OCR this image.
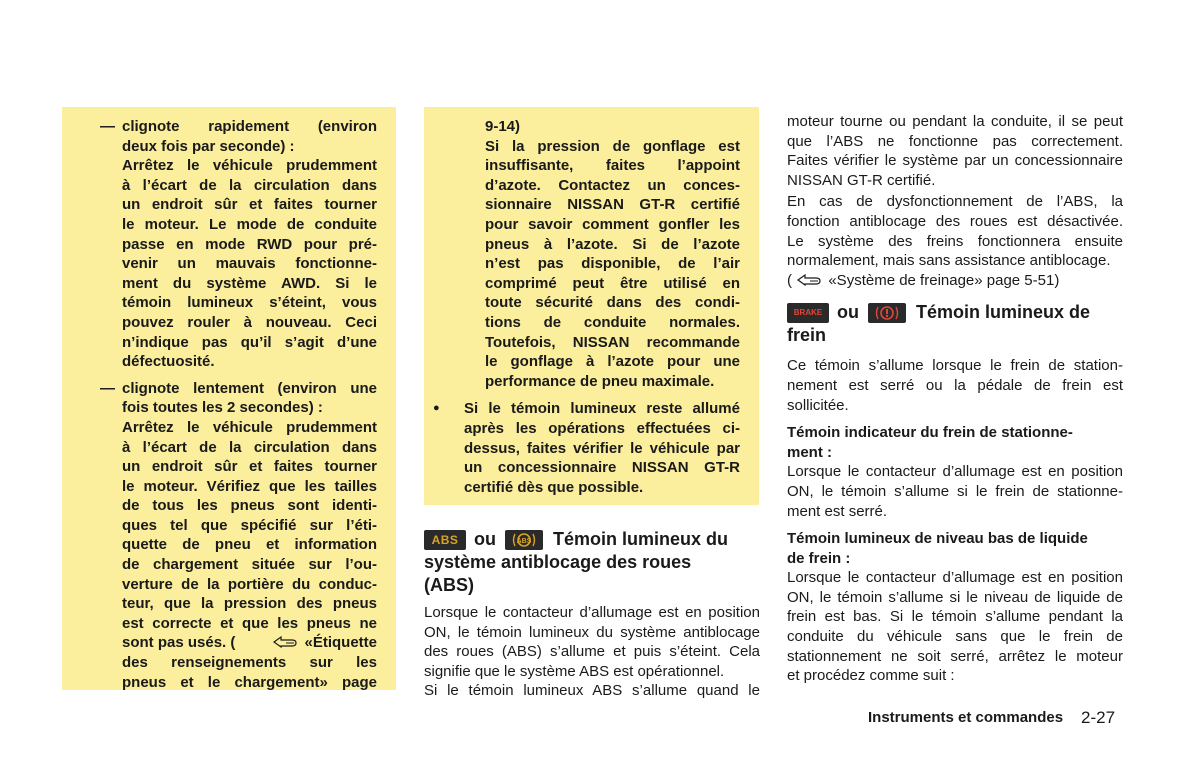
— clignote rapidement (environ

deux fois par seconde) :

Arrêtez le véhicule prudemment

à l’écart de la circulation dans

un endroit sûr et faites tourner

le moteur. Le mode de conduite

passe en mode RWD pour pré-

venir un mauvais fonctionne-

ment du système AWD. Si le

témoin lumineux s’éteint, vous

pouvez rouler à nouveau. Ceci

n’indique pas qu’il s’agit d’une

défectuosité.

— clignote lentement (environ une

fois toutes les 2 secondes) :

Arrêtez le véhicule prudemment

à l’écart de la circulation dans

un endroit sûr et faites tourner

le moteur. Vérifiez que les tailles

de tous les pneus sont identi-

ques tel que spécifié sur l’éti-

quette de pneu et information

de chargement située sur l’ou-

verture de la portière du conduc-

teur, que la pression des pneus

est correcte et que les pneus ne

sont pas usés. (	«Étiquette

des renseignements sur les

pneus et le chargement» page

9-14)

Si la pression de gonflage est

insuffisante, faites l’appoint

d’azote. Contactez un conces-

sionnaire NISSAN GT-R certifié

pour savoir comment gonfler les

pneus à l’azote. Si de l’azote

n’est pas disponible, de l’air

comprimé peut être utilisé en

toute sécurité dans des condi-

tions de conduite normales.

Toutefois, NISSAN recommande

le gonflage à l’azote pour une

performance de pneu maximale.

● Si le témoin lumineux reste allumé

après les opérations effectuées ci-

dessus, faites vérifier le véhicule par

un concessionnaire NISSAN GT-R

certifié dès que possible.

ABS ou	ABS Témoin lumineux du
système antiblocage des roues
(ABS)

Lorsque le contacteur d’allumage est en position

ON, le témoin lumineux du système antiblocage

des roues (ABS) s’allume et puis s’éteint. Cela

signifie que le système ABS est opérationnel.

Si le témoin lumineux ABS s’allume quand le

moteur tourne ou pendant la conduite, il se peut

que l’ABS ne fonctionne pas correctement.

Faites vérifier le système par un concessionnaire

NISSAN GT-R certifié.

En cas de dysfonctionnement de l’ABS, la

fonction antiblocage des roues est désactivée.

Le système des freins fonctionnera ensuite

normalement, mais sans assistance antiblocage.

( «Système de freinage» page 5-51)

BRAKE ou	Témoin lumineux de
frein

Ce témoin s’allume lorsque le frein de station-

nement est serré ou la pédale de frein est

sollicitée.

Témoin indicateur du frein de stationne-

ment :

Lorsque le contacteur d’allumage est en position

ON, le témoin s’allume si le frein de stationne-

ment est serré.

Témoin lumineux de niveau bas de liquide

de frein :

Lorsque le contacteur d’allumage est en position

ON, le témoin s’allume si le niveau de liquide de

frein est bas. Si le témoin s’allume pendant la

conduite du véhicule sans que le frein de

stationnement ne soit serré, arrêtez le moteur

et procédez comme suit :

Instruments et commandes 2-27
